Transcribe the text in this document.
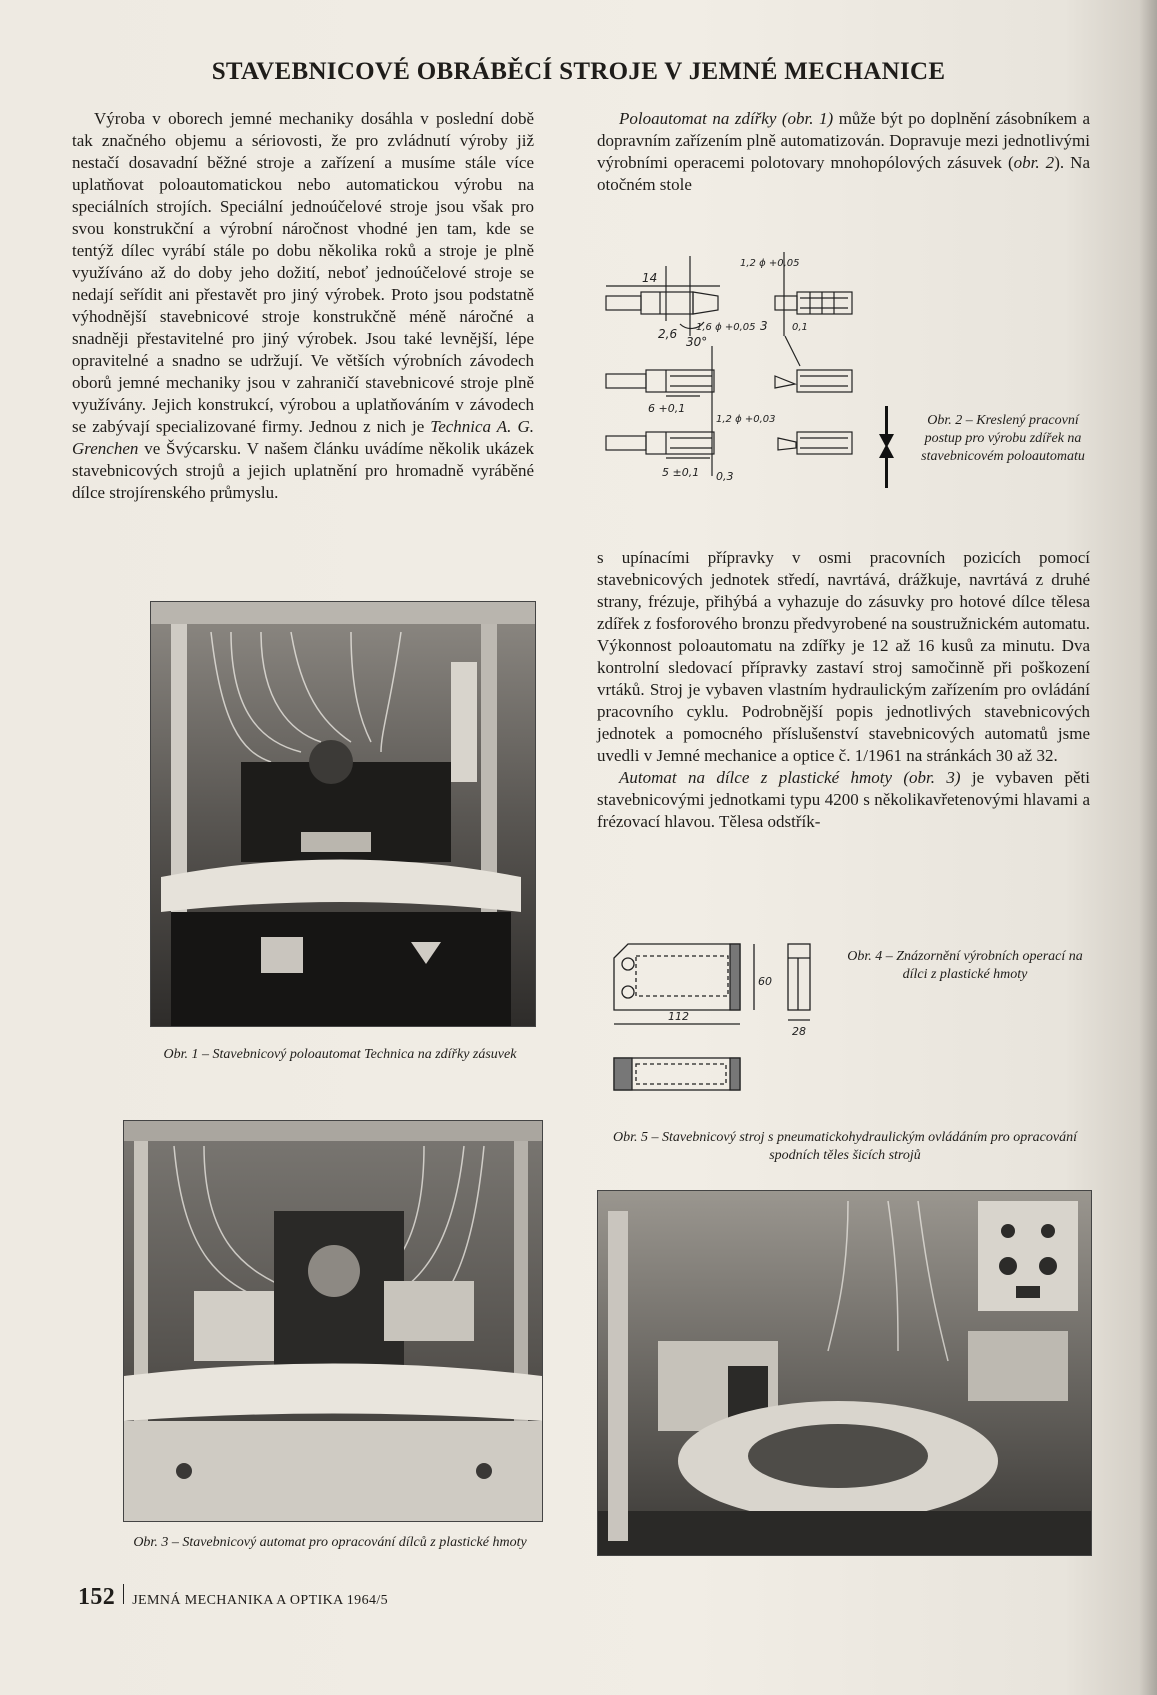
STAVEBNICOVÉ OBRÁBĚCÍ STROJE V JEMNÉ MECHANICE

Výroba v oborech jemné mechaniky dosáhla v poslední době tak značného objemu a sériovosti, že pro zvládnutí výroby již nestačí dosavadní běžné stroje a zařízení a musíme stále více uplatňovat poloautomatickou nebo automatickou výrobu na speciálních strojích. Speciální jednoúčelové stroje jsou však pro svou konstrukční a výrobní náročnost vhodné jen tam, kde se tentýž dílec vyrábí stále po dobu několika roků a stroje je plně využíváno až do doby jeho dožití, neboť jednoúčelové stroje se nedají seřídit ani přestavět pro jiný výrobek. Proto jsou podstatně výhodnější stavebnicové stroje konstrukčně méně náročné a snadněji přestavitelné pro jiný výrobek. Jsou také levnější, lépe opravitelné a snadno se udržují. Ve větších výrobních závodech oborů jemné mechaniky jsou v zahraničí stavebnicové stroje plně využívány. Jejich konstrukcí, výrobou a uplatňováním v závodech se zabývají specializované firmy. Jednou z nich je Technica A. G. Grenchen ve Švýcarsku. V našem článku uvádíme několik ukázek stavebnicových strojů a jejich uplatnění pro hromadně vyráběné dílce strojírenského průmyslu.

Poloautomat na zdířky (obr. 1) může být po doplnění zásobníkem a dopravním zařízením plně automatizován. Dopravuje mezi jednotlivými výrobními operacemi polotovary mnohopólových zásuvek (obr. 2). Na otočném stole

14
2,6 1,6 ϕ +0,05
30°
1,2 ϕ +0,05
3 0,1
6 +0,1
1,2 ϕ +0,03
5 ±0,1 0,3

Obr. 2 – Kreslený pracovní postup pro výrobu zdířek na stavebnicovém poloautomatu

s upínacími přípravky v osmi pracovních pozicích pomocí stavebnicových jednotek středí, navrtává, drážkuje, navrtává z druhé strany, frézuje, přihýbá a vyhazuje do zásuvky pro hotové dílce tělesa zdířek z fosforového bronzu předvyrobené na soustružnickém automatu. Výkonnost poloautomatu na zdířky je 12 až 16 kusů za minutu. Dva kontrolní sledovací přípravky zastaví stroj samočinně při poškození vrtáků. Stroj je vybaven vlastním hydraulickým zařízením pro ovládání pracovního cyklu. Podrobnější popis jednotlivých stavebnicových jednotek a pomocného příslušenství stavebnicových automatů jsme uvedli v Jemné mechanice a optice č. 1/1961 na stránkách 30 až 32.

Automat na dílce z plastické hmoty (obr. 3) je vybaven pěti stavebnicovými jednotkami typu 4200 s několikavřetenovými hlavami a frézovací hlavou. Tělesa odstřík-

Obr. 1 – Stavebnicový poloautomat Technica na zdířky zásuvek

Obr. 3 – Stavebnicový automat pro opracování dílců z plastické hmoty

112
60
28

Obr. 4 – Znázornění výrobních operací na dílci z plastické hmoty

Obr. 5 – Stavebnicový stroj s pneumatickohydraulickým ovládáním pro opracování spodních těles šicích strojů

152 JEMNÁ MECHANIKA A OPTIKA 1964/5
